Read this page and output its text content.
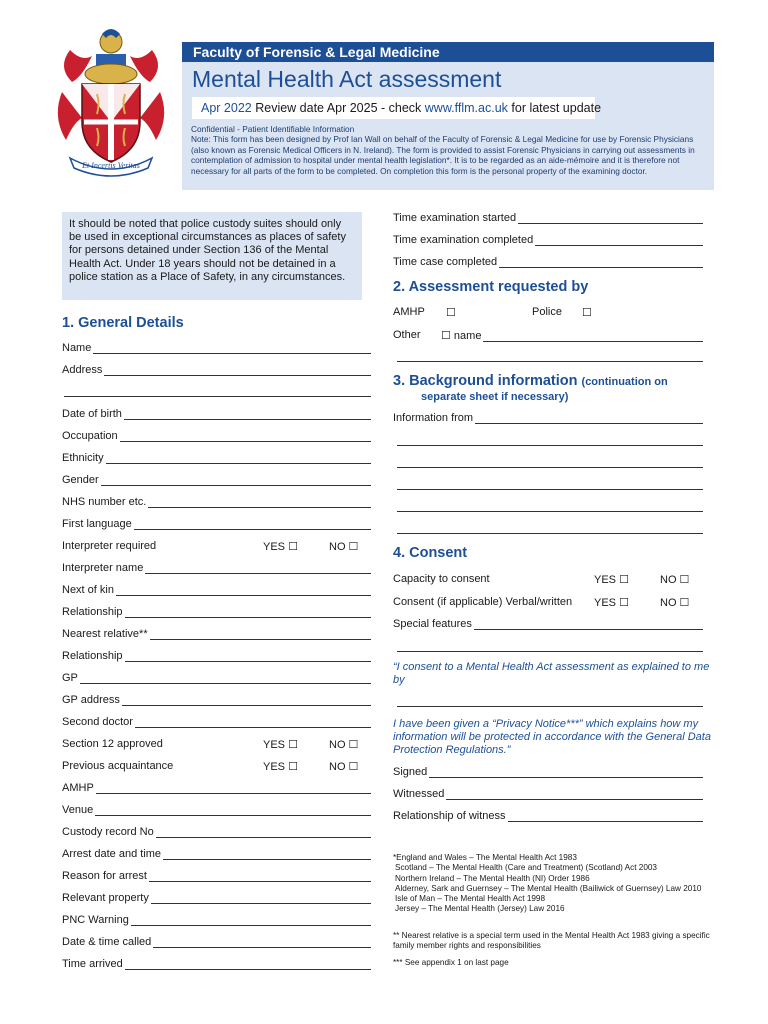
Et Incertis Veritas
Faculty of Forensic & Legal Medicine
Mental Health Act assessment
Apr 2022 Review date Apr 2025 - check www.fflm.ac.uk for latest update
Confidential - Patient Identifiable Information
Note: This form has been designed by Prof Ian Wall on behalf of the Faculty of Forensic & Legal Medicine for use by Forensic Physicians (also known as Forensic Medical Officers in N. Ireland). The form is provided to assist Forensic Physicians in carrying out assessments in contemplation of admission to hospital under mental health legislation*. It is to be regarded as an aide-mémoire and it is therefore not necessary for all parts of the form to be completed. On completion this form is the personal property of the examining doctor.
It should be noted that police custody suites should only be used in exceptional circumstances as places of safety for persons detained under Section 136 of the Mental Health Act. Under 18 years should not be detained in a police station as a Place of Safety, in any circumstances.
1. General Details
Name
Address
Date of birth
Occupation
Ethnicity
Gender
NHS number etc.
First language
Interpreter required	YES ☐	NO ☐
Interpreter name
Next of kin
Relationship
Nearest relative**
Relationship
GP
GP address
Second doctor
Section 12 approved	YES ☐	NO ☐
Previous acquaintance	YES ☐	NO ☐
AMHP
Venue
Custody record No
Arrest date and time
Reason for arrest
Relevant property
PNC Warning
Date & time called
Time arrived
Time examination started
Time examination completed
Time case completed
2. Assessment requested by
AMHP ☐	Police ☐
Other ☐ name
3. Background information (continuation on
separate sheet if necessary)
Information from
4. Consent
Capacity to consent	YES ☐	NO ☐
Consent (if applicable) Verbal/written YES ☐	NO ☐
Special features
“I consent to a Mental Health Act assessment as explained to me by
I have been given a “Privacy Notice***” which explains how my information will be protected in accordance with the General Data Protection Regulations.”
Signed
Witnessed
Relationship of witness
*England and Wales – The Mental Health Act 1983
Scotland – The Mental Health (Care and Treatment) (Scotland) Act 2003
Northern Ireland – The Mental Health (NI) Order 1986
Alderney, Sark and Guernsey – The Mental Health (Bailiwick of Guernsey) Law 2010
Isle of Man – The Mental Health Act 1998
Jersey – The Mental Health (Jersey) Law 2016
** Nearest relative is a special term used in the Mental Health Act 1983 giving a specific family member rights and responsibilities
*** See appendix 1 on last page
